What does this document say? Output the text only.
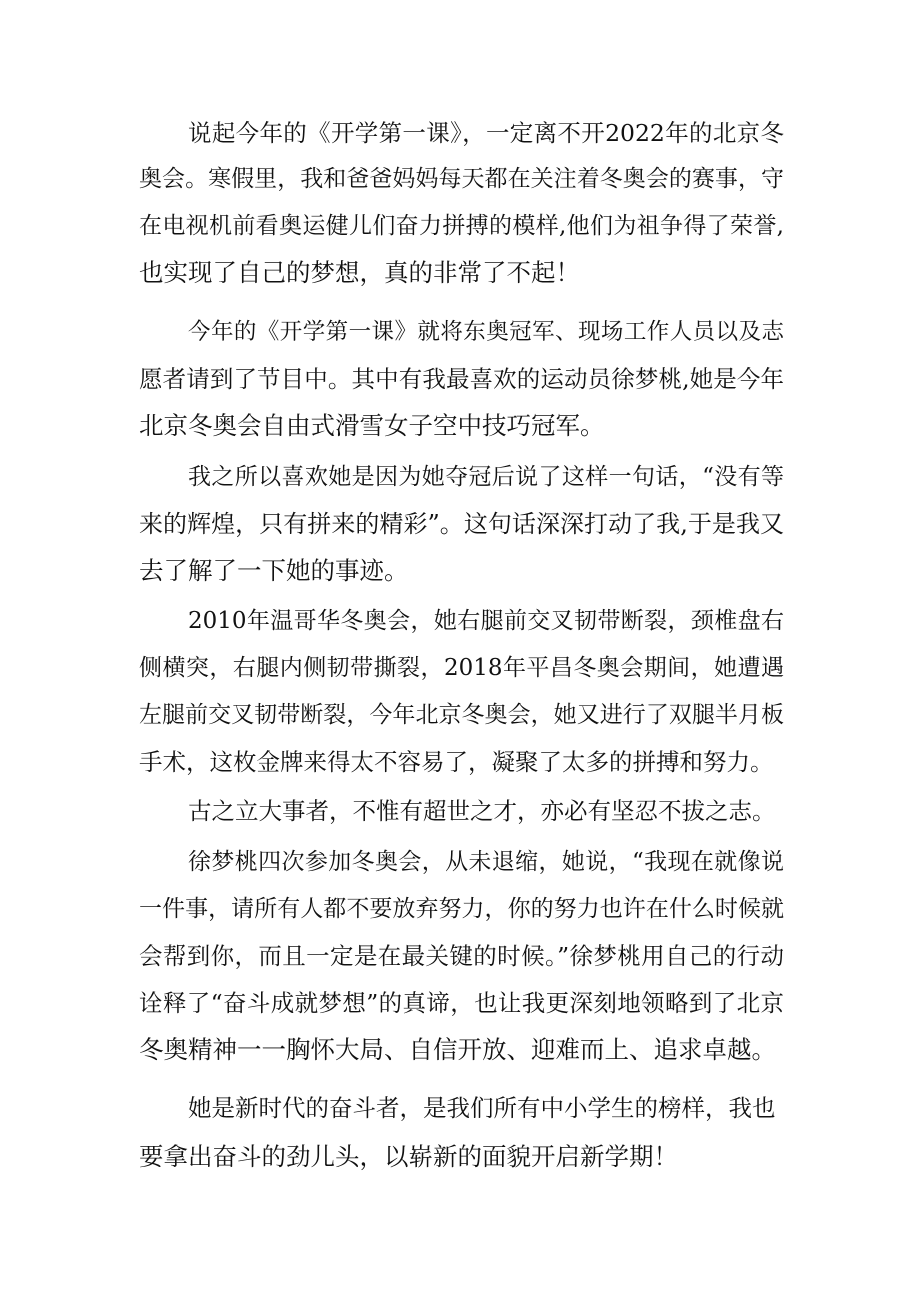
说起今年的《开学第一课》，一定离不开2022年的北京冬
奥会。寒假里，我和爸爸妈妈每天都在关注着冬奥会的赛事，守
在电视机前看奥运健儿们奋力拼搏的模样,他们为祖争得了荣誉,
也实现了自己的梦想，真的非常了不起！
今年的《开学第一课》就将东奥冠军、现场工作人员以及志
愿者请到了节目中。其中有我最喜欢的运动员徐梦桃,她是今年
北京冬奥会自由式滑雪女子空中技巧冠军。
我之所以喜欢她是因为她夺冠后说了这样一句话，“没有等
来的辉煌，只有拼来的精彩”。这句话深深打动了我,于是我又
去了解了一下她的事迹。
2010年温哥华冬奥会，她右腿前交叉韧带断裂，颈椎盘右
侧横突，右腿内侧韧带撕裂，2018年平昌冬奥会期间，她遭遇
左腿前交叉韧带断裂，今年北京冬奥会，她又进行了双腿半月板
手术，这枚金牌来得太不容易了，凝聚了太多的拼搏和努力。
古之立大事者，不惟有超世之才，亦必有坚忍不拔之志。
徐梦桃四次参加冬奥会，从未退缩，她说，“我现在就像说
一件事，请所有人都不要放弃努力，你的努力也许在什么时候就
会帮到你，而且一定是在最关键的时候。”徐梦桃用自己的行动
诠释了“奋斗成就梦想”的真谛，也让我更深刻地领略到了北京
冬奥精神一一胸怀大局、自信开放、迎难而上、追求卓越。
她是新时代的奋斗者，是我们所有中小学生的榜样，我也
要拿出奋斗的劲儿头，以崭新的面貌开启新学期！
